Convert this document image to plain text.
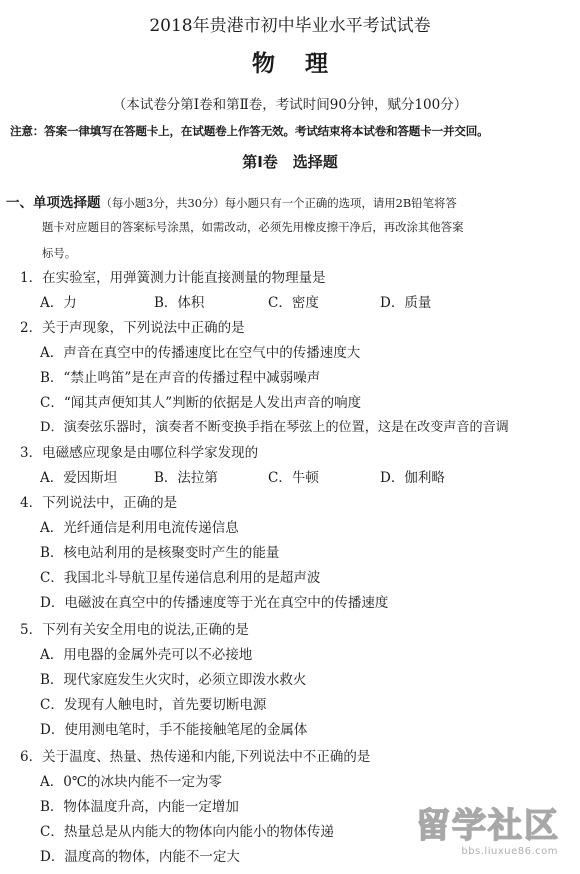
2018年贵港市初中毕业水平考试试卷
物理
（本试卷分第Ⅰ卷和第Ⅱ卷，考试时间90分钟，赋分100分）
注意：答案一律填写在答题卡上，在试题卷上作答无效。考试结束将本试卷和答题卡一并交回。
第Ⅰ卷　选择题
一、单项选择题（每小题3分，共30分）每小题只有一个正确的选项，请用2B铅笔将答
题卡对应题目的答案标号涂黑，如需改动，必须先用橡皮擦干净后，再改涂其他答案
标号。
1．在实验室，用弹簧测力计能直接测量的物理量是
A．力	B．体积	C．密度	D．质量
2．关于声现象，下列说法中正确的是
A．声音在真空中的传播速度比在空气中的传播速度大
B．“禁止鸣笛”是在声音的传播过程中减弱噪声
C．“闻其声便知其人”判断的依据是人发出声音的响度
D．演奏弦乐器时，演奏者不断变换手指在琴弦上的位置，这是在改变声音的音调
3．电磁感应现象是由哪位科学家发现的
A．爱因斯坦	B．法拉第	C．牛顿	D．伽利略
4．下列说法中，正确的是
A．光纤通信是利用电流传递信息
B．核电站利用的是核聚变时产生的能量
C．我国北斗导航卫星传递信息利用的是超声波
D．电磁波在真空中的传播速度等于光在真空中的传播速度
5．下列有关安全用电的说法,正确的是
A．用电器的金属外壳可以不必接地
B．现代家庭发生火灾时，必须立即泼水救火
C．发现有人触电时，首先要切断电源
D．使用测电笔时，手不能接触笔尾的金属体
6．关于温度、热量、热传递和内能,下列说法中不正确的是
A．0℃的冰块内能不一定为零
B．物体温度升高，内能一定增加
C．热量总是从内能大的物体向内能小的物体传递
D．温度高的物体，内能不一定大
留学社区
bbs.liuxue86.com
